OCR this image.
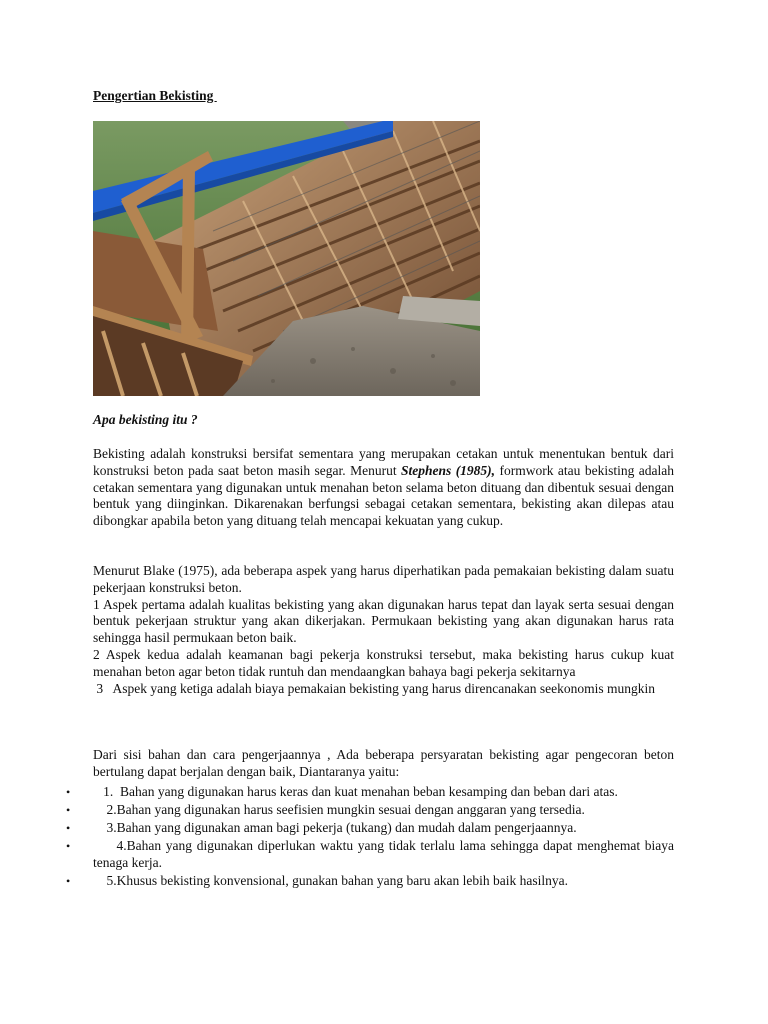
Pengertian Bekisting
Apa bekisting itu ?

Bekisting adalah konstruksi bersifat sementara yang merupakan cetakan untuk menentukan bentuk dari konstruksi beton pada saat beton masih segar. Menurut Stephens (1985), formwork atau bekisting adalah cetakan sementara yang digunakan untuk menahan beton selama beton dituang dan dibentuk sesuai dengan bentuk yang diinginkan. Dikarenakan berfungsi sebagai cetakan sementara, bekisting akan dilepas atau dibongkar apabila beton yang dituang telah mencapai kekuatan yang cukup.

Menurut Blake (1975), ada beberapa aspek yang harus diperhatikan pada pemakaian bekisting dalam suatu pekerjaan konstruksi beton.

1 Aspek pertama adalah kualitas bekisting yang akan digunakan harus tepat dan layak serta sesuai dengan bentuk pekerjaan struktur yang akan dikerjakan. Permukaan bekisting yang akan digunakan harus rata sehingga hasil permukaan beton baik.

2 Aspek kedua adalah keamanan bagi pekerja konstruksi tersebut, maka bekisting harus cukup kuat menahan beton agar beton tidak runtuh dan mendaangkan bahaya bagi pekerja sekitarnya

3   Aspek yang ketiga adalah biaya pemakaian bekisting yang harus direncanakan seekonomis mungkin

Dari sisi bahan dan cara pengerjaannya , Ada beberapa persyaratan bekisting agar pengecoran beton bertulang dapat berjalan dengan baik, Diantaranya yaitu:

• 1.  Bahan yang digunakan harus keras dan kuat menahan beban kesamping dan beban dari atas.
• 2.Bahan yang digunakan harus seefisien mungkin sesuai dengan anggaran yang tersedia.
• 3.Bahan yang digunakan aman bagi pekerja (tukang) dan mudah dalam pengerjaannya.
• 4.Bahan yang digunakan diperlukan waktu yang tidak terlalu lama sehingga dapat menghemat biaya tenaga kerja.
• 5.Khusus bekisting konvensional, gunakan bahan yang baru akan lebih baik hasilnya.
